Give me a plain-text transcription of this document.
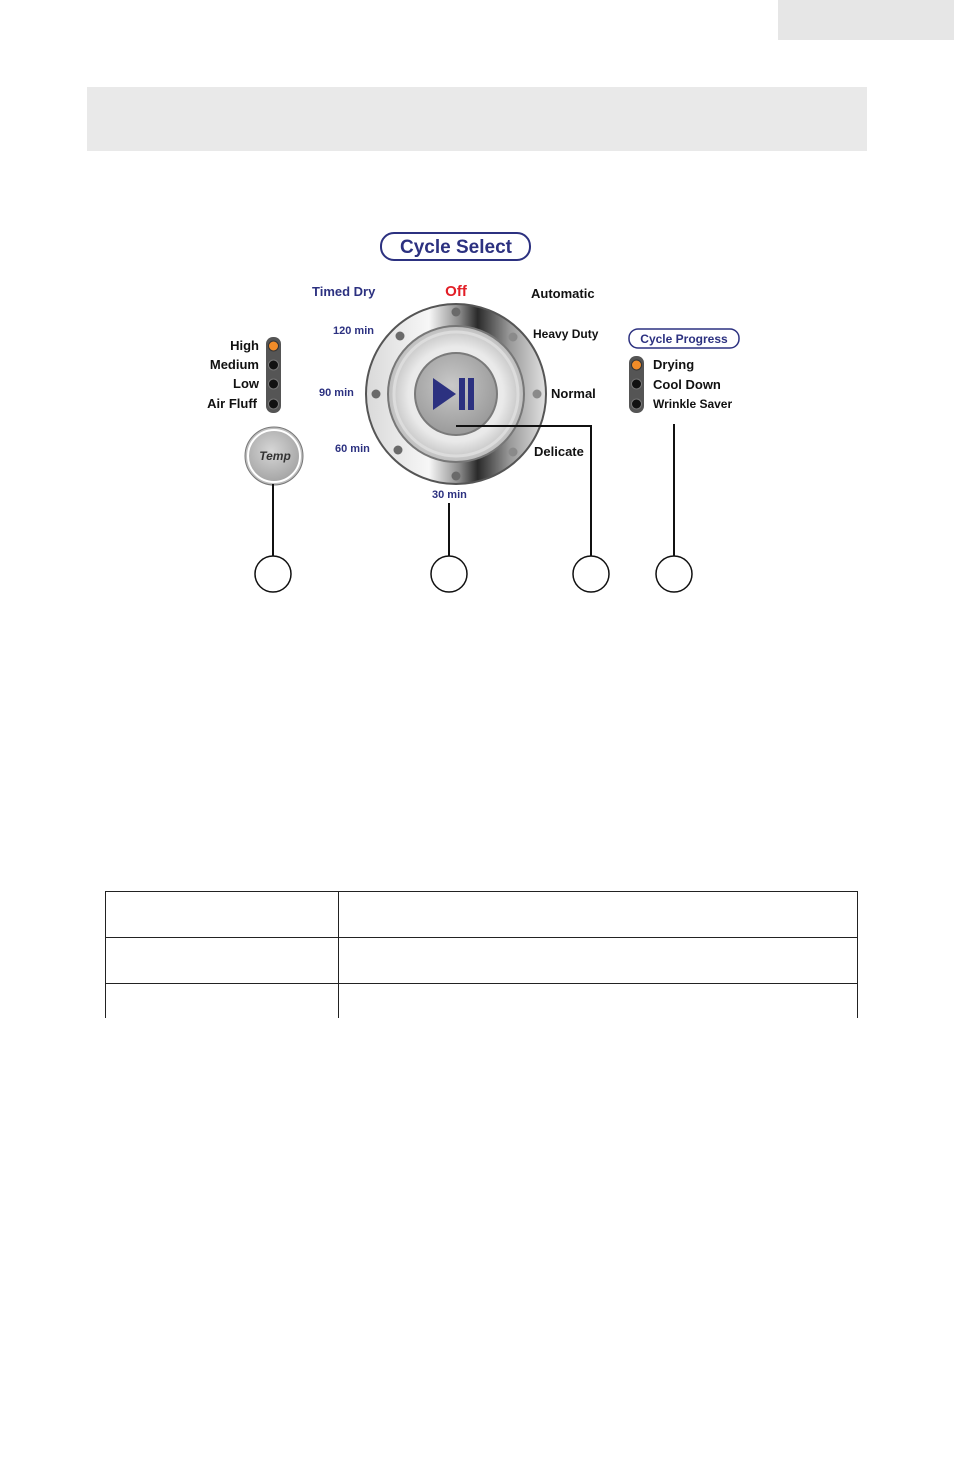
Cycle Select
Timed Dry	Off	Automatic
120 min
90 min
60 min
30 min
Heavy Duty
Normal
Delicate
High
Medium
Low
Air Fluff
Temp
Cycle Progress
Drying
Cool Down
Wrinkle Saver
